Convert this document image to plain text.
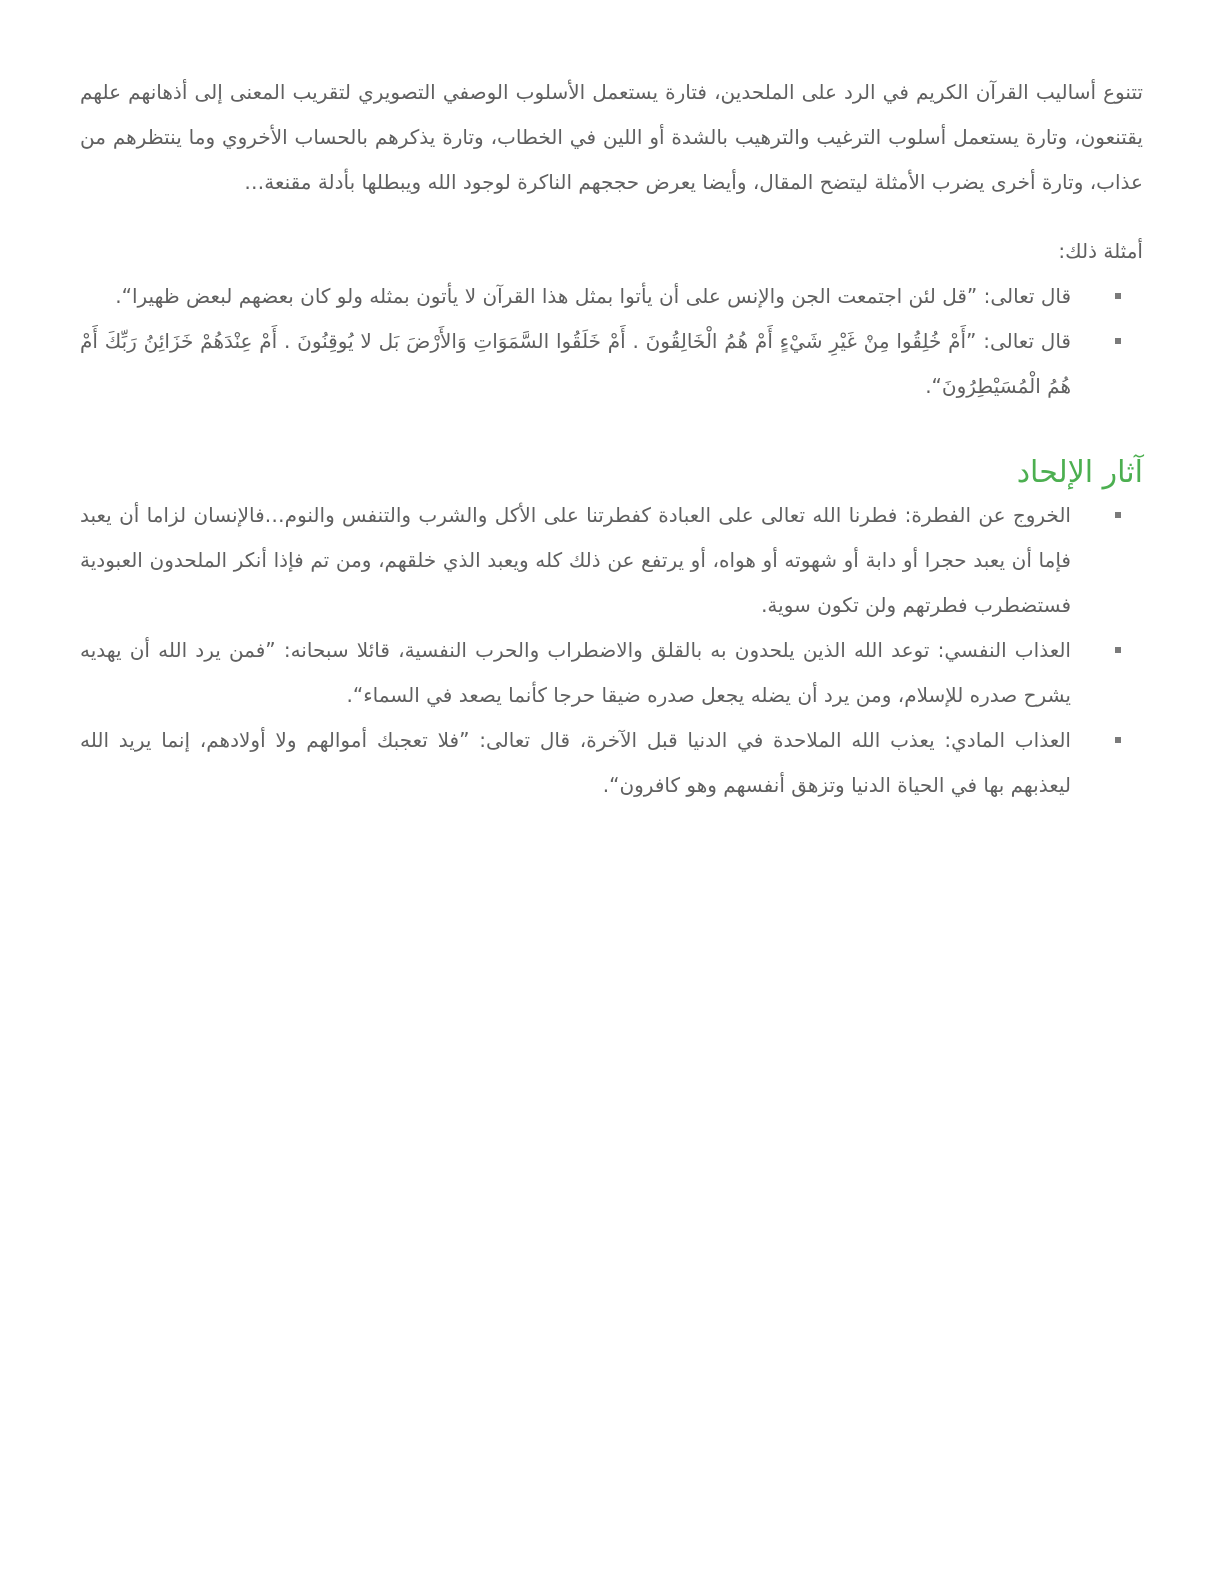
تتنوع أساليب القرآن الكريم في الرد على الملحدين، فتارة يستعمل الأسلوب الوصفي التصويري لتقريب المعنى إلى أذهانهم علهم يقتنعون، وتارة يستعمل أسلوب الترغيب والترهيب بالشدة أو اللين في الخطاب، وتارة يذكرهم بالحساب الأخروي وما ينتظرهم من عذاب، وتارة أخرى يضرب الأمثلة ليتضح المقال، وأيضا يعرض حججهم الناكرة لوجود الله ويبطلها بأدلة مقنعة…

أمثلة ذلك:

قال تعالى: ”قل لئن اجتمعت الجن والإنس على أن يأتوا بمثل هذا القرآن لا يأتون بمثله ولو كان بعضهم لبعض ظهيرا“.
قال تعالى: ”أَمْ خُلِقُوا مِنْ غَيْرِ شَيْءٍ أَمْ هُمُ الْخَالِقُونَ . أَمْ خَلَقُوا السَّمَوَاتِ وَالأَرْضَ بَل لا يُوقِنُونَ . أَمْ عِنْدَهُمْ خَزَائِنُ رَبِّكَ أَمْ هُمُ الْمُسَيْطِرُونَ“.
آثار الإلحاد
الخروج عن الفطرة: فطرنا الله تعالى على العبادة كفطرتنا على الأكل والشرب والتنفس والنوم…فالإنسان لزاما أن يعبد فإما أن يعبد حجرا أو دابة أو شهوته أو هواه، أو يرتفع عن ذلك كله ويعبد الذي خلقهم، ومن تم فإذا أنكر الملحدون العبودية فستضطرب فطرتهم ولن تكون سوية.
العذاب النفسي: توعد الله الذين يلحدون به بالقلق والاضطراب والحرب النفسية، قائلا سبحانه: ”فمن يرد الله أن يهديه يشرح صدره للإسلام، ومن يرد أن يضله يجعل صدره ضيقا حرجا كأنما يصعد في السماء“.
العذاب المادي: يعذب الله الملاحدة في الدنيا قبل الآخرة، قال تعالى: ”فلا تعجبك أموالهم ولا أولادهم، إنما يريد الله ليعذبهم بها في الحياة الدنيا وتزهق أنفسهم وهو كافرون“.
